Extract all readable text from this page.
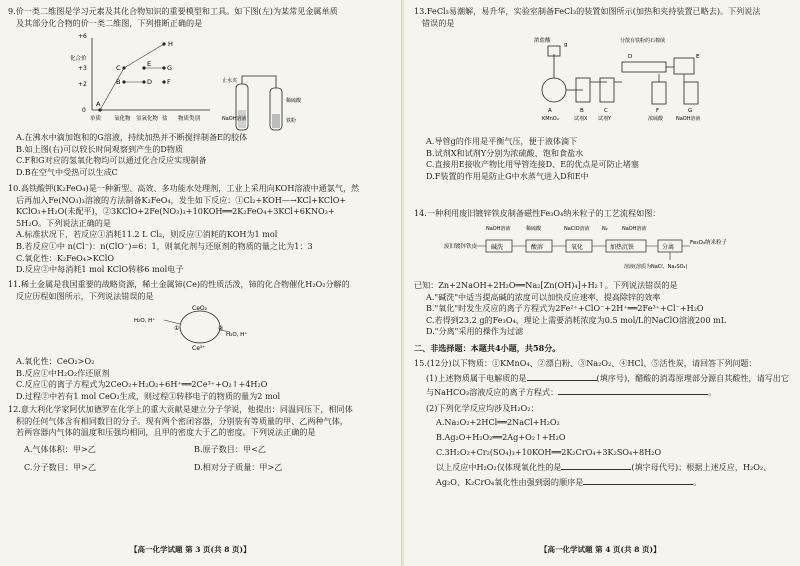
9.价一类二维图是学习元素及其化合物知识的重要模型和工具。如下图(左)为某常见金属单质
及其部分化合物的价一类二维图，下列推断正确的是
+6
+3
+2
0
H
C
B	D
E
F
G
A
单质 氧化物 氢氧化物 盐 物质类别
化合价
止水夹
NaOH溶液
稀硫酸
铁粉
A.在沸水中滴加饱和的G溶液，持续加热并不断搅拌制备E的胶体
B.如上图(右)可以较长时间观察到产生的D物质
C.F和G对应的氢氧化物均可以通过化合反应实现制备
D.B在空气中受热可以生成C
10.高铁酸钾(K₂FeO₄)是一种新型、高效、多功能水处理剂，工业上采用向KOH溶液中通氯气，然
后再加入Fe(NO₃)₃溶液的方法制备K₂FeO₄，发生如下反应：①Cl₂+KOH—→KCl+KClO+
KClO₃+H₂O(未配平)，②3KClO+2Fe(NO₃)₃+10KOH══2K₂FeO₄+3KCl+6KNO₃+
5H₂O。下列说法正确的是
A.标准状况下，若反应①消耗11.2 L Cl₂，则反应①消耗的KOH为1 mol
B.若反应①中 n(Cl⁻)：n(ClO⁻)=6：1，则氧化剂与还原剂的物质的量之比为1：3
C.氧化性：K₂FeO₄>KClO
D.反应②中每消耗1 mol KClO转移6 mol电子
11.稀土金属是我国重要的战略资源，稀土金属铈(Ce)的性质活泼，铈的化合物催化H₂O₂分解的
反应历程如图所示，下列说法错误的是
CeO₂
Ce³⁺
H₂O, H⁺
H₂O, H⁺
①	②
A.氧化性：CeO₂>O₂
B.反应①中H₂O₂作还原剂
C.反应①的离子方程式为2CeO₂+H₂O₂+6H⁺══2Ce³⁺+O₂↑+4H₂O
D.过程②中若有1 mol CeO₂生成，则过程①转移电子的物质的量为2 mol
12.意大利化学家阿伏加德罗在化学上的重大贡献是建立分子学说，他提出：同温同压下，相同体
积的任何气体含有相同数目的分子。现有两个密闭容器，分别装有等质量的甲、乙两种气体，
若两容器内气体的温度和压强均相同，且甲的密度大于乙的密度。下列说法正确的是
A.气体体积：甲>乙	B.原子数目：甲<乙
C.分子数目：甲>乙	D.相对分子质量：甲>乙
【高一化学试题 第 3 页(共 8 页)】
13.FeCl₃易潮解，易升华，实验室制备FeCl₃的装置如图所示(加热和夹持装置已略去)。下列说法
错误的是
浓盐酸
g
A
KMnO₄
B
试剂X
C
试剂Y
D
分散有铁粉的石棉绒
E
F
浓硫酸
G
NaOH溶液
A.导管g的作用是平衡气压，便于液体滴下
B.试剂X和试剂Y分别为浓硫酸、饱和食盐水
C.直接用E接收产物比用导管连接D、E的优点是可防止堵塞
D.F装置的作用是防止G中水蒸气进入D和E中
14.一种利用废旧镀锌铁皮制备磁性Fe₃O₄纳米粒子的工艺流程如图：
废旧镀锌铁皮 碱洗	酸溶	氧化	加热沉铁	分离
Fe₃O₄纳米粒子
NaOH溶液	稀硫酸	NaClO溶液 N₂	NaOH溶液
溶液(溶质为NaCl、Na₂SO₄)
已知：Zn+2NaOH+2H₂O══Na₂[Zn(OH)₄]+H₂↑。下列说法错误的是
A."碱洗"中适当提高碱的浓度可以加快反应速率，提高除锌的效率
B."氧化"时发生反应的离子方程式为2Fe²⁺+ClO⁻+2H⁺══2Fe³⁺+Cl⁻+H₂O
C.若得到23.2 g的Fe₃O₄，理论上需要消耗浓度为0.5 mol/L的NaClO溶液200 mL
D."分离"采用的操作为过滤
二、非选择题：本题共4小题，共58分。
15.(12分)以下物质：①KMnO₄、②漂白粉、③Na₂O₂、④HCl、⑤活性炭，请回答下列问题：
(1)上述物质属于电解质的是	(填序号)，醋酸的消毒原理部分源自其酸性，请写出它
与NaHCO₃溶液反应的离子方程式：	。
(2)下列化学反应均涉及H₂O₂：
A.Na₂O₂+2HCl══2NaCl+H₂O₂
B.Ag₂O+H₂O₂══2Ag+O₂↑+H₂O
C.3H₂O₂+Cr₂(SO₄)₃+10KOH══2K₂CrO₄+3K₂SO₄+8H₂O
以上反应中H₂O₂仅体现氧化性的是	(填字母代号)；根据上述反应，H₂O₂、
Ag₂O、K₂CrO₄氧化性由强到弱的顺序是	。
【高一化学试题 第 4 页(共 8 页)】
